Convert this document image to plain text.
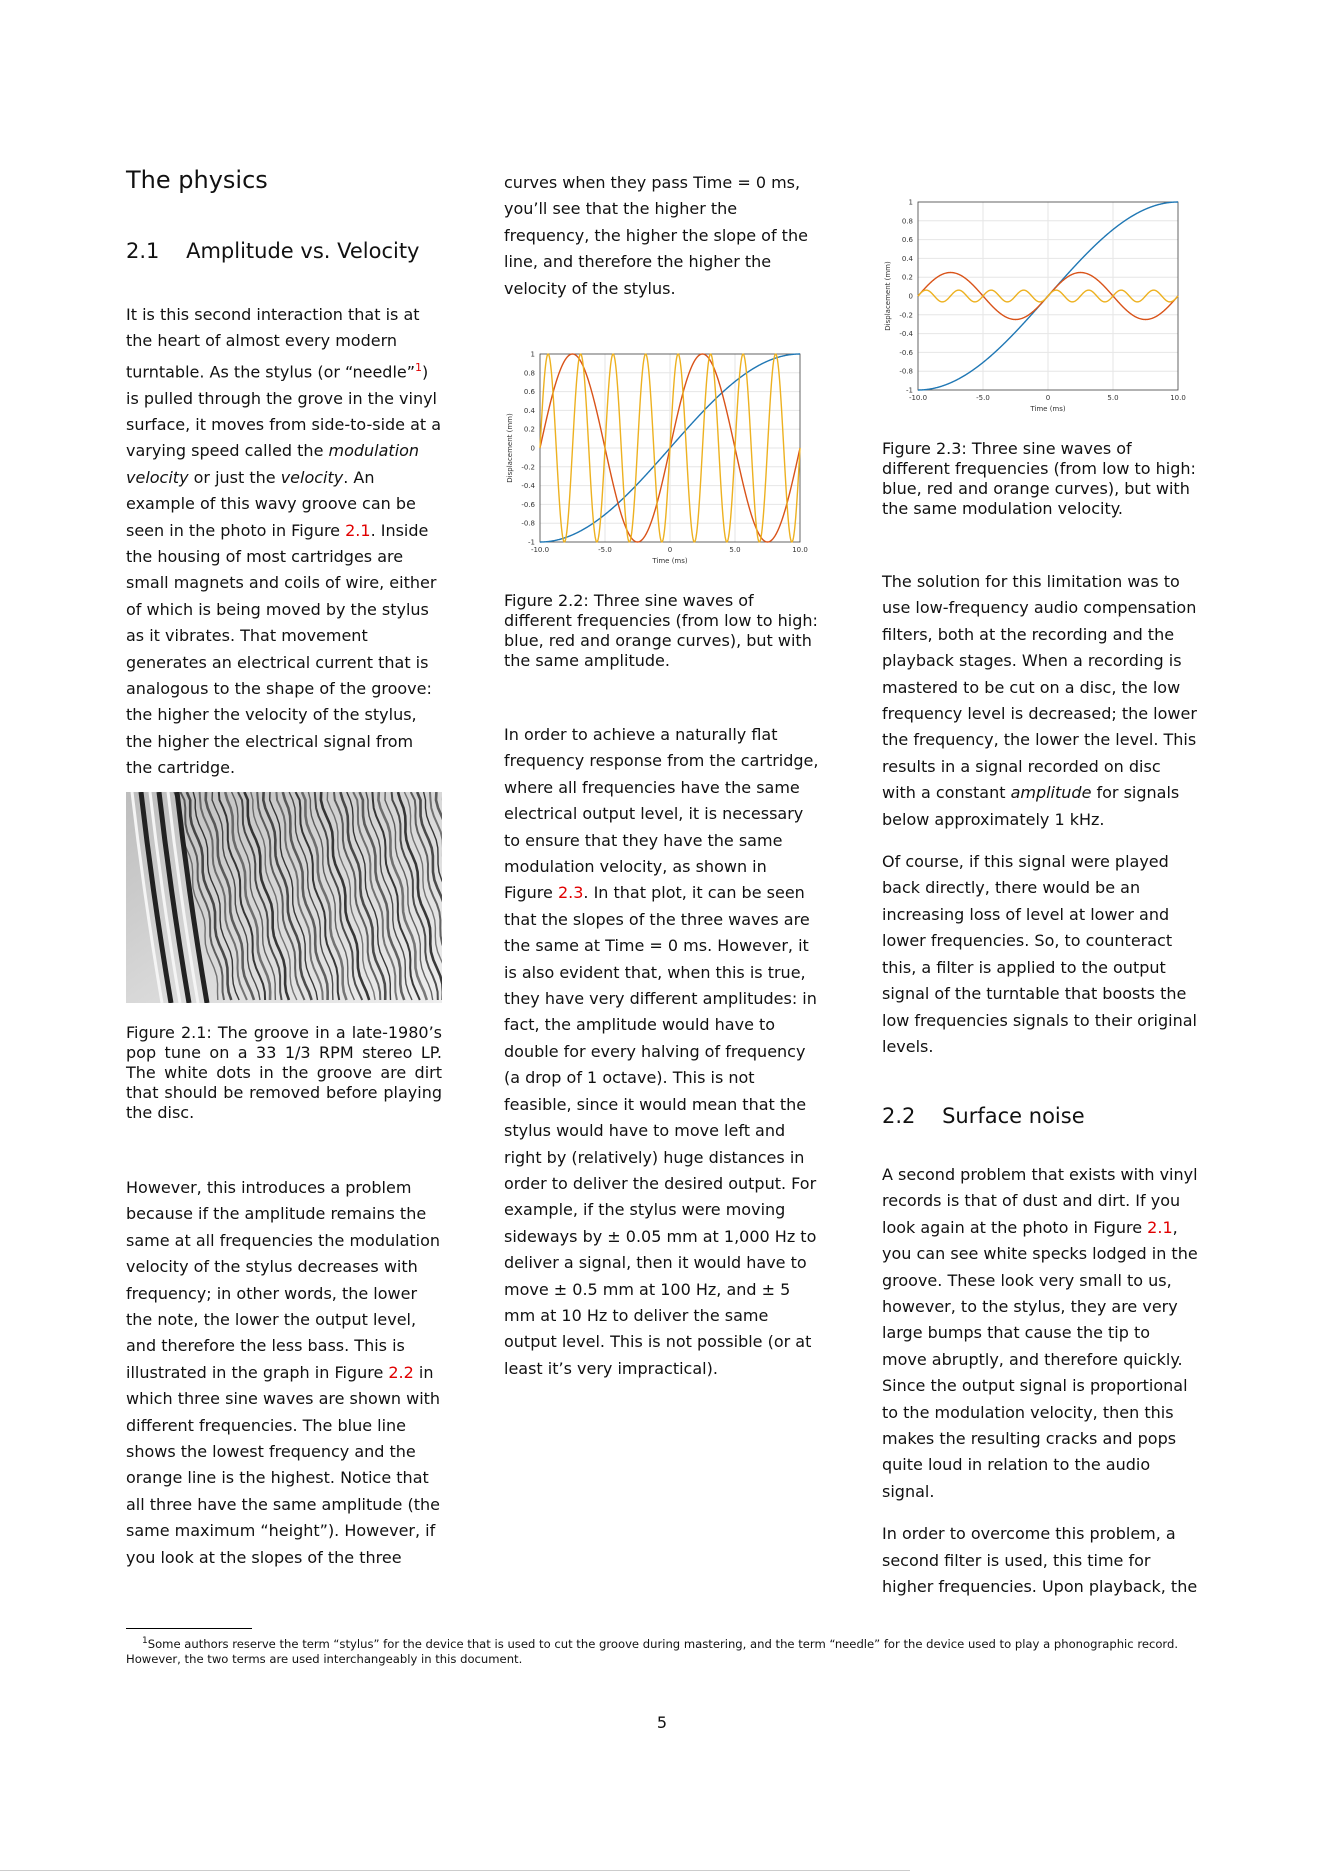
The physics
2.1    Amplitude vs. Velocity

It is this second interaction that is at the heart of almost every modern turntable. As the stylus (or “needle”$^1$) is pulled through the grove in the vinyl surface, it moves from side-to-side at a varying speed called the modulation velocity or just the velocity. An example of this wavy groove can be seen in the photo in Figure 2.1. Inside the housing of most cartridges are small magnets and coils of wire, either of which is being moved by the stylus as it vibrates. That movement generates an electrical current that is analogous to the shape of the groove: the higher the velocity of the stylus, the higher the electrical signal from the cartridge.

Figure 2.1: The groove in a late-1980’s pop tune on a 33 1/3 RPM stereo LP. The white dots in the groove are dirt that should be removed before playing the disc.

However, this introduces a problem because if the amplitude remains the same at all frequencies the modulation velocity of the stylus decreases with frequency; in other words, the lower the note, the lower the output level, and therefore the less bass. This is illustrated in the graph in Figure 2.2 in which three sine waves are shown with different frequencies. The blue line shows the lowest frequency and the orange line is the highest. Notice that all three have the same amplitude (the same maximum “height”). However, if you look at the slopes of the three

curves when they pass Time = 0 ms, you’ll see that the higher the frequency, the higher the slope of the line, and therefore the higher the velocity of the stylus.

-10.0	-5.0	0	5.0	10.0
1
0.8
0.6
0.4
0.2
0
-0.2
-0.4
-0.6
-0.8
-1
Time (ms)
Displacement (mm)

Figure 2.2: Three sine waves of different frequencies (from low to high: blue, red and orange curves), but with the same amplitude.

In order to achieve a naturally flat frequency response from the cartridge, where all frequencies have the same electrical output level, it is necessary to ensure that they have the same modulation velocity, as shown in Figure 2.3. In that plot, it can be seen that the slopes of the three waves are the same at Time = 0 ms. However, it is also evident that, when this is true, they have very different amplitudes: in fact, the amplitude would have to double for every halving of frequency (a drop of 1 octave). This is not feasible, since it would mean that the stylus would have to move left and right by (relatively) huge distances in order to deliver the desired output. For example, if the stylus were moving sideways by ± 0.05 mm at 1,000 Hz to deliver a signal, then it would have to move ± 0.5 mm at 100 Hz, and ± 5 mm at 10 Hz to deliver the same output level. This is not possible (or at least it’s very impractical).

-10.0	-5.0	0	5.0	10.0
1
0.8
0.6
0.4
0.2
0
-0.2
-0.4
-0.6
-0.8
-1
Time (ms)
Displacement (mm)

Figure 2.3: Three sine waves of different frequencies (from low to high: blue, red and orange curves), but with the same modulation velocity.

The solution for this limitation was to use low-frequency audio compensation filters, both at the recording and the playback stages. When a recording is mastered to be cut on a disc, the low frequency level is decreased; the lower the frequency, the lower the level. This results in a signal recorded on disc with a constant amplitude for signals below approximately 1 kHz.

Of course, if this signal were played back directly, there would be an increasing loss of level at lower and lower frequencies. So, to counteract this, a filter is applied to the output signal of the turntable that boosts the low frequencies signals to their original levels.

2.2    Surface noise

A second problem that exists with vinyl records is that of dust and dirt. If you look again at the photo in Figure 2.1, you can see white specks lodged in the groove. These look very small to us, however, to the stylus, they are very large bumps that cause the tip to move abruptly, and therefore quickly. Since the output signal is proportional to the modulation velocity, then this makes the resulting cracks and pops quite loud in relation to the audio signal.

In order to overcome this problem, a second filter is used, this time for higher frequencies. Upon playback, the

$^1$Some authors reserve the term “stylus” for the device that is used to cut the groove during mastering, and the term “needle” for the device used to play a phonographic record. However, the two terms are used interchangeably in this document.
5
